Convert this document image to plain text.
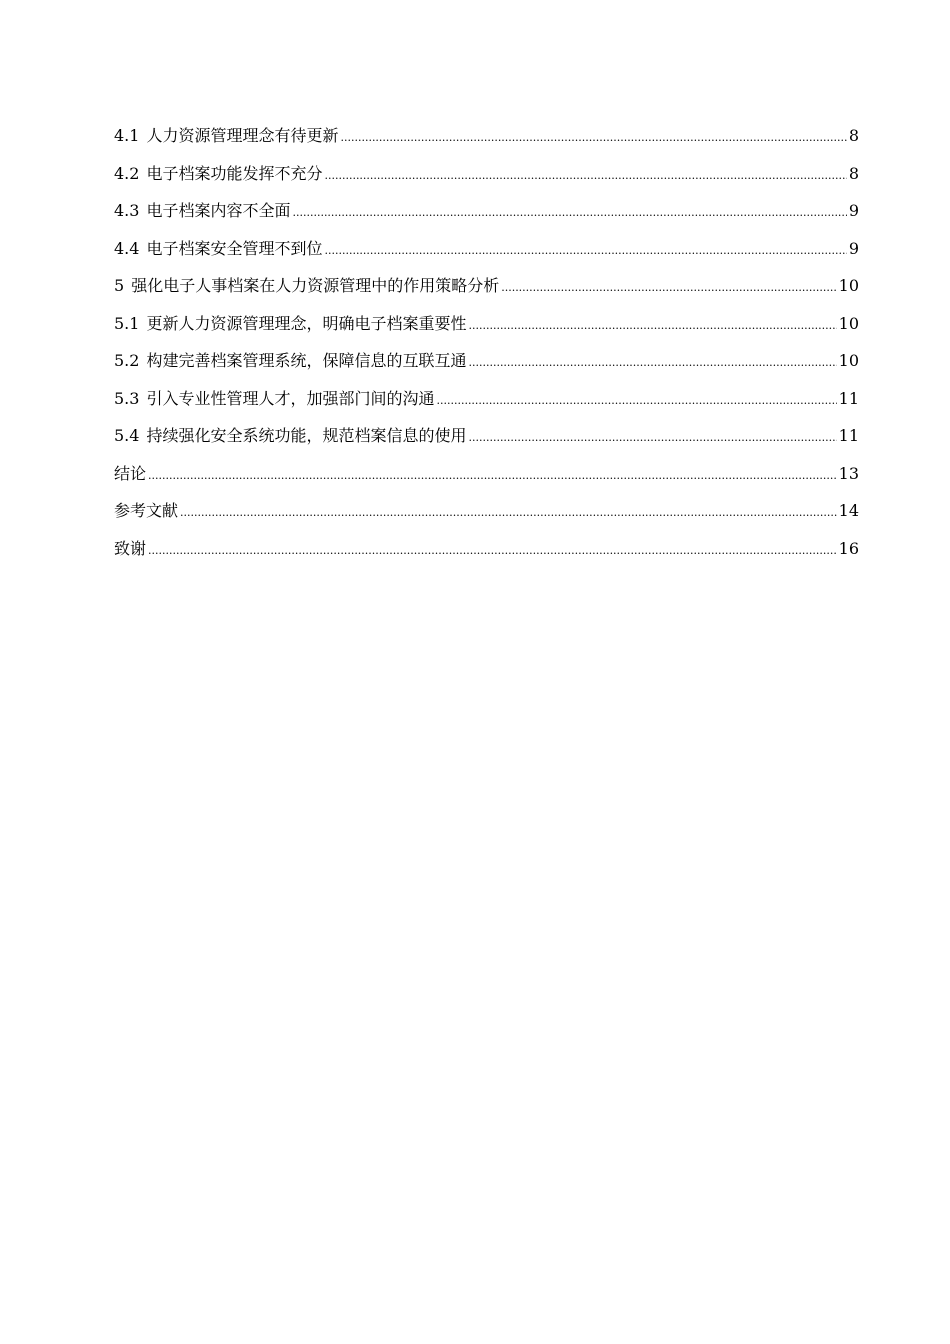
4.1 人力资源管理理念有待更新 .....	8
4.2 电子档案功能发挥不充分 .....	8
4.3 电子档案内容不全面 .....	9
4.4 电子档案安全管理不到位 .....	9
5 强化电子人事档案在人力资源管理中的作用策略分析 .....	10
5.1 更新人力资源管理理念，明确电子档案重要性 .....	10
5.2 构建完善档案管理系统，保障信息的互联互通 .....	10
5.3 引入专业性管理人才，加强部门间的沟通 .....	11
5.4 持续强化安全系统功能，规范档案信息的使用 .....	11
结论 .....	13
参考文献 .....	14
致谢 .....	16
